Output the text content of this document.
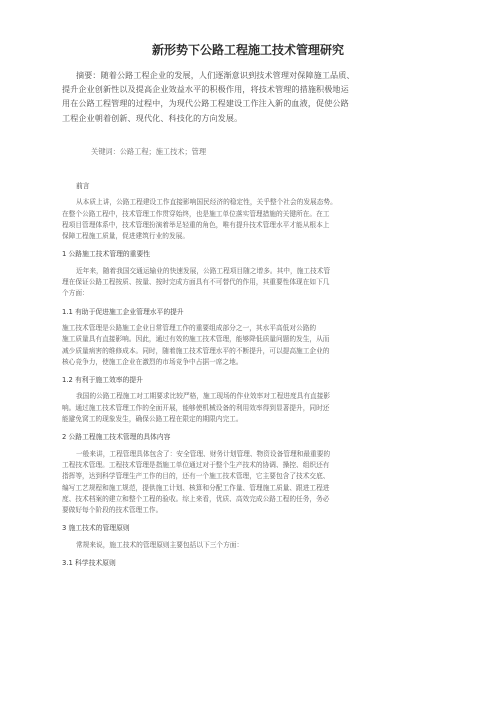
新形势下公路工程施工技术管理研究
摘要：随着公路工程企业的发展，人们逐渐意识到技术管理对保障施工品质、
提升企业创新性以及提高企业效益水平的积极作用，将技术管理的措施积极地运
用在公路工程管理的过程中，为现代公路工程建设工作注入新的血液，促使公路
工程企业朝着创新、现代化、科技化的方向发展。
关键词：公路工程；施工技术；管理

前言

从本质上讲，公路工程建设工作直接影响国民经济的稳定性，关乎整个社会的发展态势。
在整个公路工程中，技术管理工作贯穿始终，也是施工单位落实管理措施的关键所在。在工
程项目管理体系中，技术管理扮演着举足轻重的角色，唯有提升技术管理水平才能从根本上
保障工程施工质量，促进建筑行业的发展。

1 公路施工技术管理的重要性

近年来，随着我国交通运输业的快速发展，公路工程项目随之增多。其中，施工技术管
理在保证公路工程按质、按量、按时完成方面具有不可替代的作用，其重要性体现在如下几
个方面：

1.1 有助于促进施工企业管理水平的提升

施工技术管理是公路施工企业日常管理工作的重要组成部分之一，其水平高低对公路的
施工质量具有直接影响。因此，通过有效的施工技术管理，能够降低质量问题的发生，从而
减少质量病害的维修成本。同时，随着施工技术管理水平的不断提升，可以提高施工企业的
核心竞争力，使施工企业在激烈的市场竞争中占据一席之地。

1.2 有利于施工效率的提升

我国的公路工程施工对工期要求比较严格，施工现场的作业效率对工程进度具有直接影
响。通过施工技术管理工作的全面开展，能够使机械设备的利用效率得到显著提升，同时还
能避免窝工的现象发生，确保公路工程在限定的期限内完工。

2 公路工程施工技术管理的具体内容

一般来讲，工程管理具体包含了：安全管理、财务计划管理、物资设备管理和最重要的
工程技术管理。工程技术管理是指施工单位通过对于整个生产技术的协调、操控、组织还有
指挥等，达到科学管理生产工作的目的，还有一个施工技术管理，它主要包含了技术交底、
编写工艺规程和施工规范，提供施工计划、核算和分配工作量、管理施工质量、跟进工程进
度、技术档案的建立和整个工程的验收。综上来看，优质、高效完成公路工程的任务，务必
要做好每个阶段的技术管理工作。

3 施工技术的管理原则

常规来说，施工技术的管理原则主要包括以下三个方面：

3.1 科学技术原则
